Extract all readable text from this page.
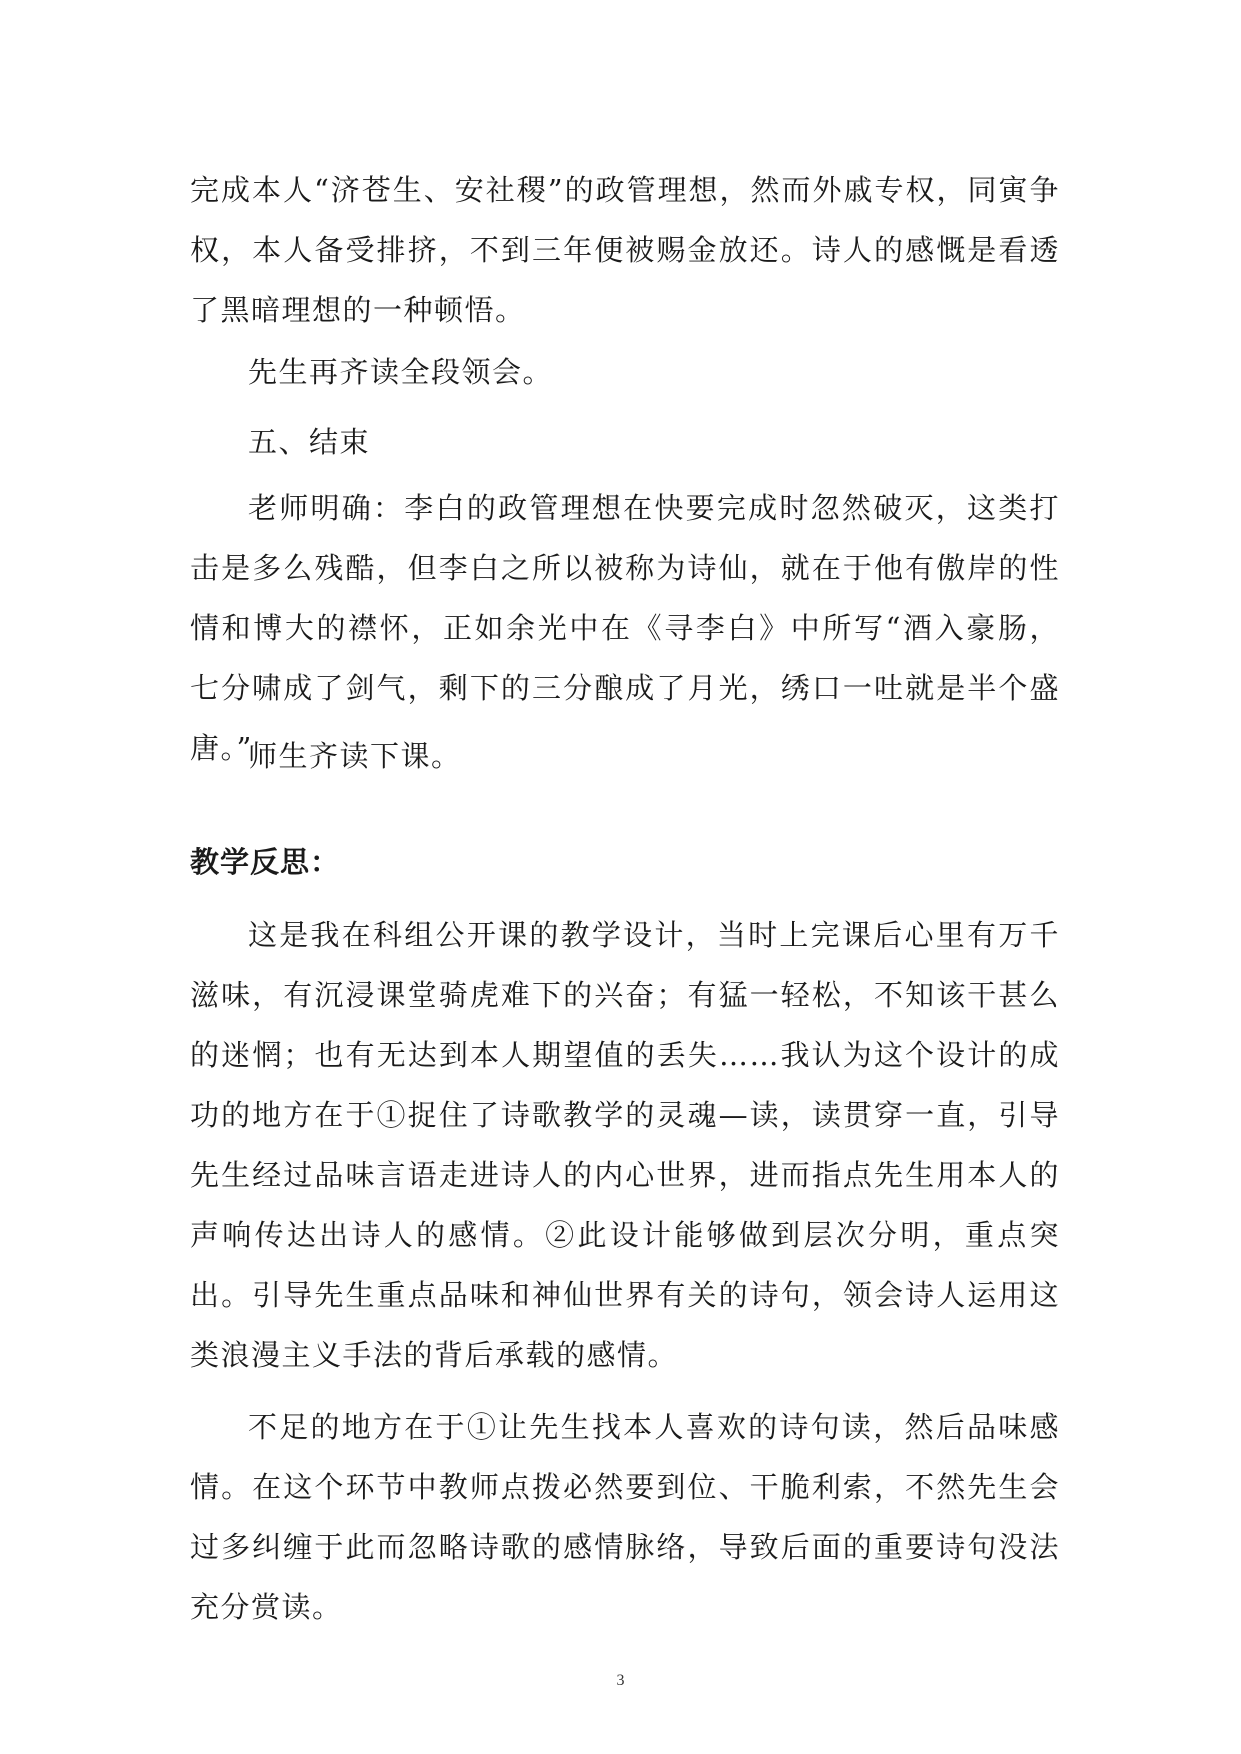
完成本人“济苍生、安社稷”的政管理想，然而外戚专权，同寅争权，本人备受排挤，不到三年便被赐金放还。诗人的感慨是看透了黑暗理想的一种顿悟。

先生再齐读全段领会。

五、结束

老师明确：李白的政管理想在快要完成时忽然破灭，这类打击是多么残酷，但李白之所以被称为诗仙，就在于他有傲岸的性情和博大的襟怀，正如余光中在《寻李白》中所写“酒入豪肠，七分啸成了剑气，剩下的三分酿成了月光，绣口一吐就是半个盛唐。”

师生齐读下课。

教学反思：

这是我在科组公开课的教学设计，当时上完课后心里有万千滋味，有沉浸课堂骑虎难下的兴奋；有猛一轻松，不知该干甚么的迷惘；也有无达到本人期望值的丢失……我认为这个设计的成功的地方在于①捉住了诗歌教学的灵魂—读，读贯穿一直，引导先生经过品味言语走进诗人的内心世界，进而指点先生用本人的声响传达出诗人的感情。②此设计能够做到层次分明，重点突出。引导先生重点品味和神仙世界有关的诗句，领会诗人运用这类浪漫主义手法的背后承载的感情。

不足的地方在于①让先生找本人喜欢的诗句读，然后品味感情。在这个环节中教师点拨必然要到位、干脆利索，不然先生会过多纠缠于此而忽略诗歌的感情脉络，导致后面的重要诗句没法充分赏读。

3
